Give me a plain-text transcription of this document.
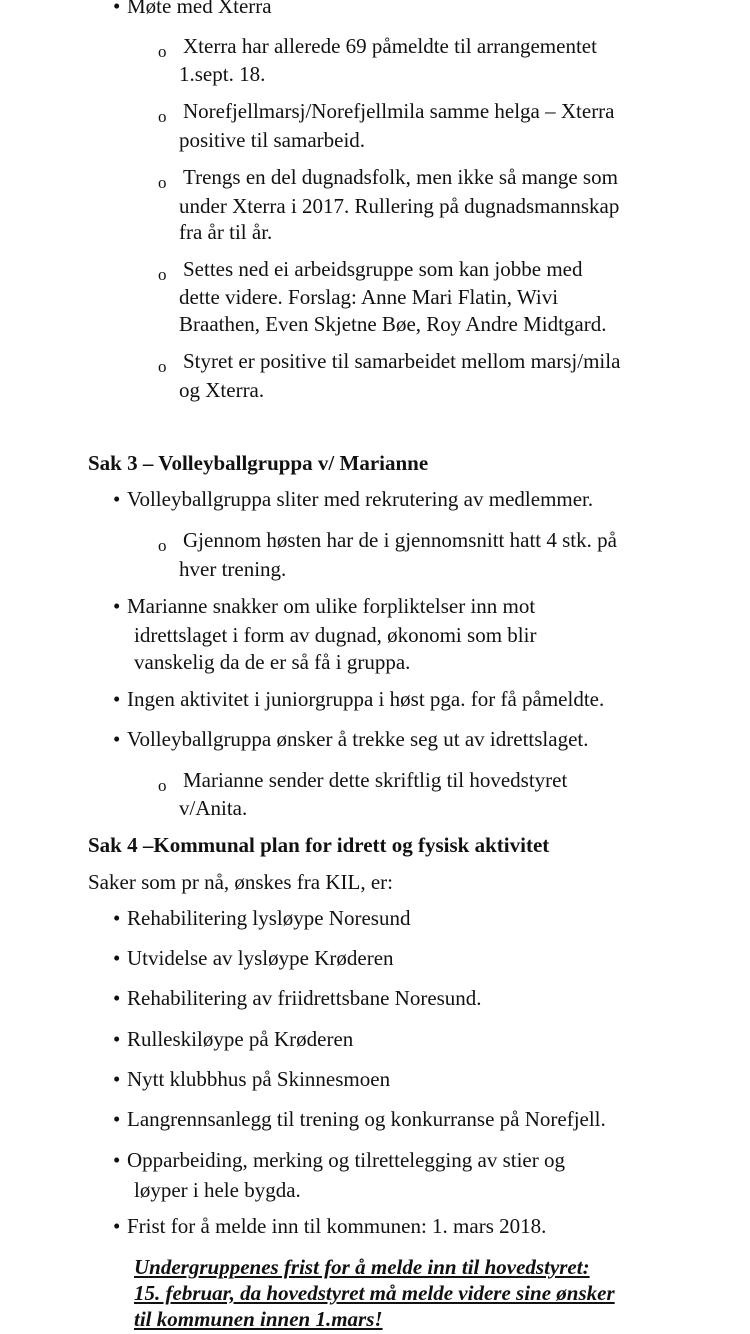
• Møte med Xterra
o Xterra har allerede 69 påmeldte til arrangementet
1.sept. 18.
o Norefjellmarsj/Norefjellmila samme helga – Xterra
positive til samarbeid.
o Trengs en del dugnadsfolk, men ikke så mange som
under Xterra i 2017. Rullering på dugnadsmannskap
fra år til år.
o Settes ned ei arbeidsgruppe som kan jobbe med
dette videre. Forslag: Anne Mari Flatin, Wivi
Braathen, Even Skjetne Bøe, Roy Andre Midtgard.
o Styret er positive til samarbeidet mellom marsj/mila
og Xterra.
Sak 3 – Volleyballgruppa v/ Marianne
• Volleyballgruppa sliter med rekrutering av medlemmer.
o Gjennom høsten har de i gjennomsnitt hatt 4 stk. på
hver trening.
• Marianne snakker om ulike forpliktelser inn mot
idrettslaget i form av dugnad, økonomi som blir
vanskelig da de er så få i gruppa.
• Ingen aktivitet i juniorgruppa i høst pga. for få påmeldte.
• Volleyballgruppa ønsker å trekke seg ut av idrettslaget.
o Marianne sender dette skriftlig til hovedstyret
v/Anita.
Sak 4 –Kommunal plan for idrett og fysisk aktivitet
Saker som pr nå, ønskes fra KIL, er:
• Rehabilitering lysløype Noresund
• Utvidelse av lysløype Krøderen
• Rehabilitering av friidrettsbane Noresund.
• Rulleskiløype på Krøderen
• Nytt klubbhus på Skinnesmoen
• Langrennsanlegg til trening og konkurranse på Norefjell.
• Opparbeiding, merking og tilrettelegging av stier og
løyper i hele bygda.
• Frist for å melde inn til kommunen: 1. mars 2018.
Undergruppenes frist for å melde inn til hovedstyret:
15. februar, da hovedstyret må melde videre sine ønsker
til kommunen innen 1.mars!
